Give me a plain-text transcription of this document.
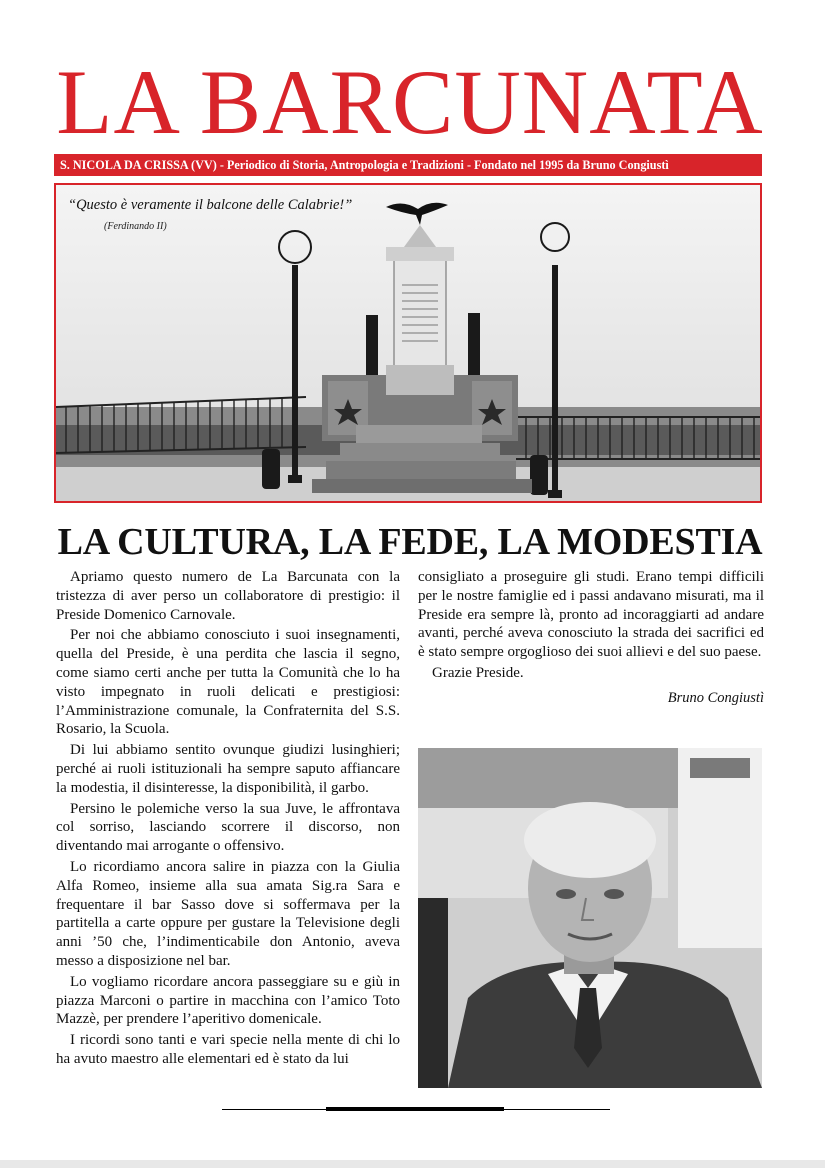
LA BARCUNATA
S. NICOLA DA CRISSA (VV) - Periodico di Storia, Antropologia e Tradizioni - Fondato nel 1995 da Bruno Congiustì
“Questo è veramente il balcone delle Calabrie!”
(Ferdinando II)
LA CULTURA, LA FEDE, LA MODESTIA

Apriamo questo numero de La Barcunata con la tristezza di aver perso un collaboratore di prestigio: il Preside Domenico Carnovale.

Per noi che abbiamo conosciuto i suoi insegnamenti, quella del Preside, è una perdita che lascia il segno, come siamo certi anche per tutta la Comunità che lo ha visto impegnato in ruoli delicati e prestigiosi: l’Amministrazione comunale, la Confraternita del S.S. Rosario, la Scuola.

Di lui abbiamo sentito ovunque giudizi lusinghieri; perché ai ruoli istituzionali ha sempre saputo affiancare la modestia, il disinteresse, la disponibilità, il garbo.

Persino le polemiche verso la sua Juve, le affrontava col sorriso, lasciando scorrere il discorso, non diventando mai arrogante o offensivo.

Lo ricordiamo ancora salire in piazza con la Giulia Alfa Romeo, insieme alla sua amata Sig.ra Sara e frequentare il bar Sasso dove si soffermava per la partitella a carte oppure per gustare la Televisione degli anni ’50 che, l’indimenticabile don Antonio, aveva messo a disposizione nel bar.

Lo vogliamo ricordare ancora passeggiare su e giù in piazza Marconi o partire in macchina con l’amico Toto Mazzè, per prendere l’aperitivo domenicale.

I ricordi sono tanti e vari specie nella mente di chi lo ha avuto maestro alle elementari ed è stato da lui

consigliato a proseguire gli studi. Erano tempi difficili per le nostre famiglie ed i passi andavano misurati, ma il Preside era sempre là, pronto ad incoraggiarti ad andare avanti, perché aveva conosciuto la strada dei sacrifici ed è stato sempre orgoglioso dei suoi allievi e del suo paese.

Grazie Preside.

Bruno Congiustì
